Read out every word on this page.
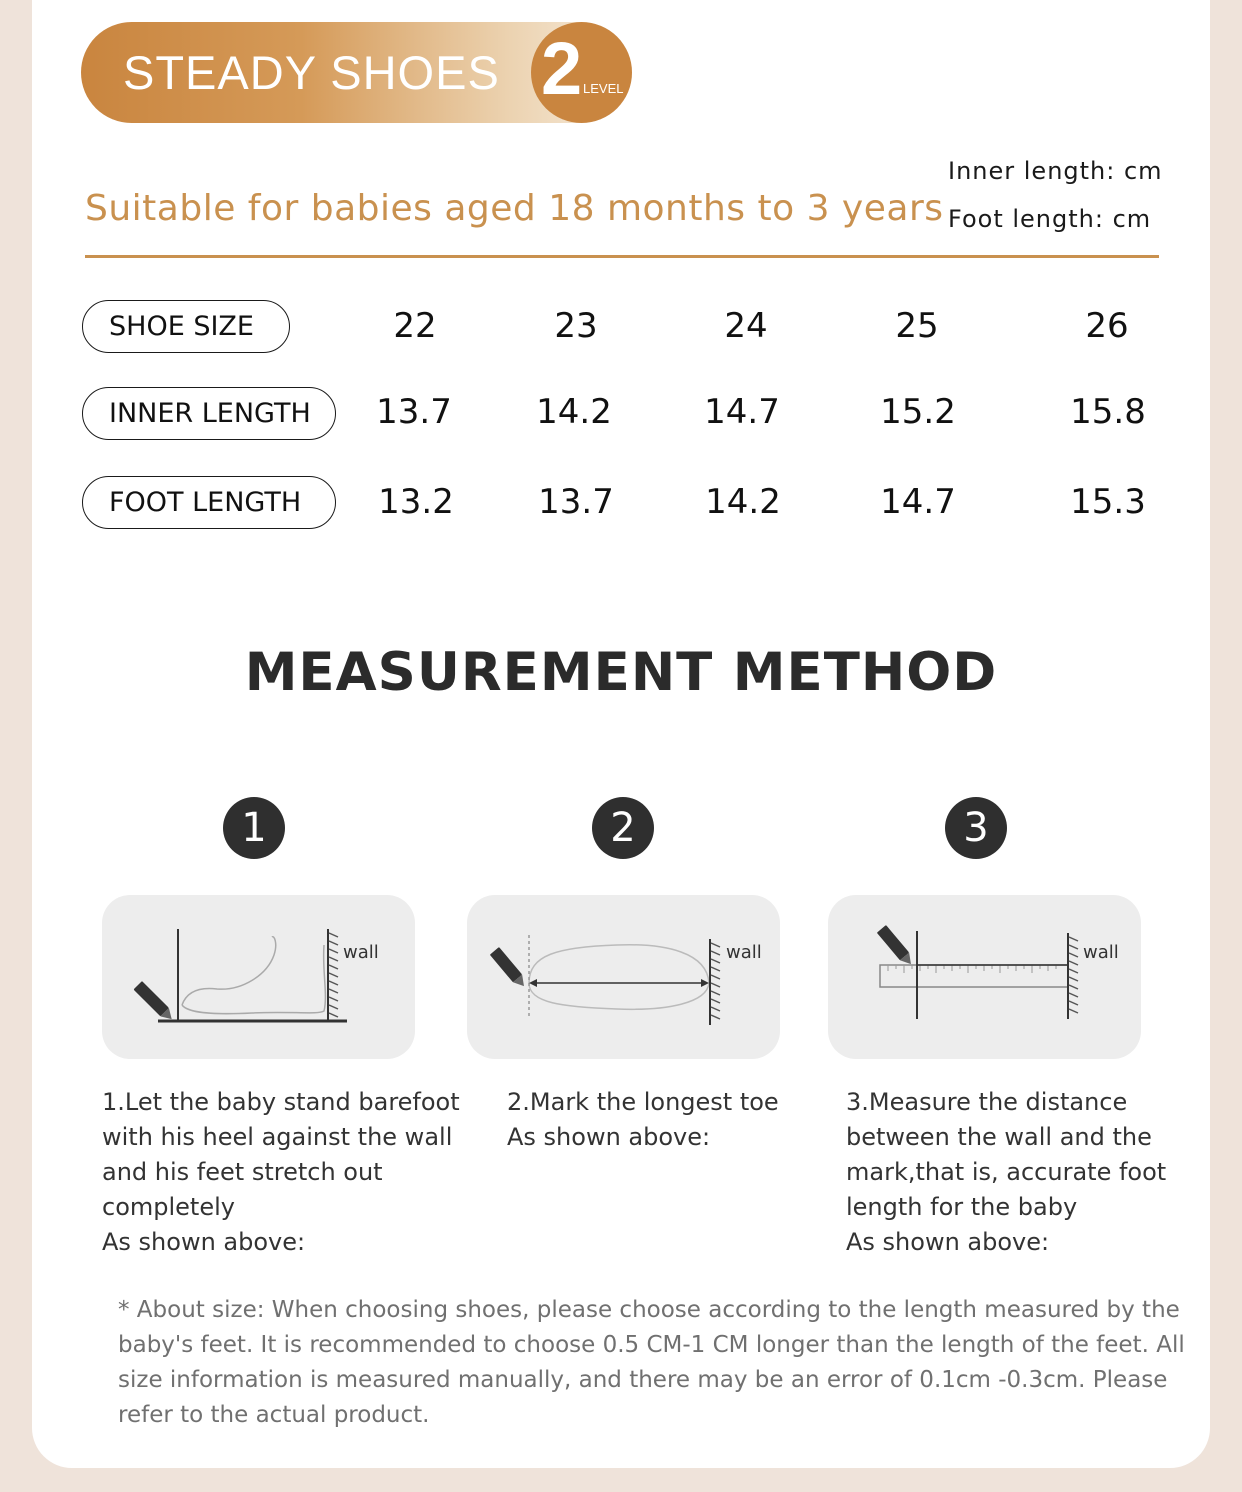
STEADY SHOES 2 LEVEL
Suitable for babies aged 18 months to 3 years
Inner length: cm
Foot length: cm
SHOE SIZE	22	23	24	25	26
INNER LENGTH	13.7	14.2	14.7	15.2	15.8
FOOT LENGTH	13.2	13.7	14.2	14.7	15.3
MEASUREMENT METHOD
1	2	3
wall	wall	wall
1.Let the baby stand barefoot
with his heel against the wall
and his feet stretch out
completely
As shown above:
2.Mark the longest toe
As shown above:
3.Measure the distance
between the wall and the
mark,that is, accurate foot
length for the baby
As shown above:
* About size: When choosing shoes, please choose according to the length measured by the
baby's feet. It is recommended to choose 0.5 CM-1 CM longer than the length of the feet. All
size information is measured manually, and there may be an error of 0.1cm -0.3cm. Please
refer to the actual product.
